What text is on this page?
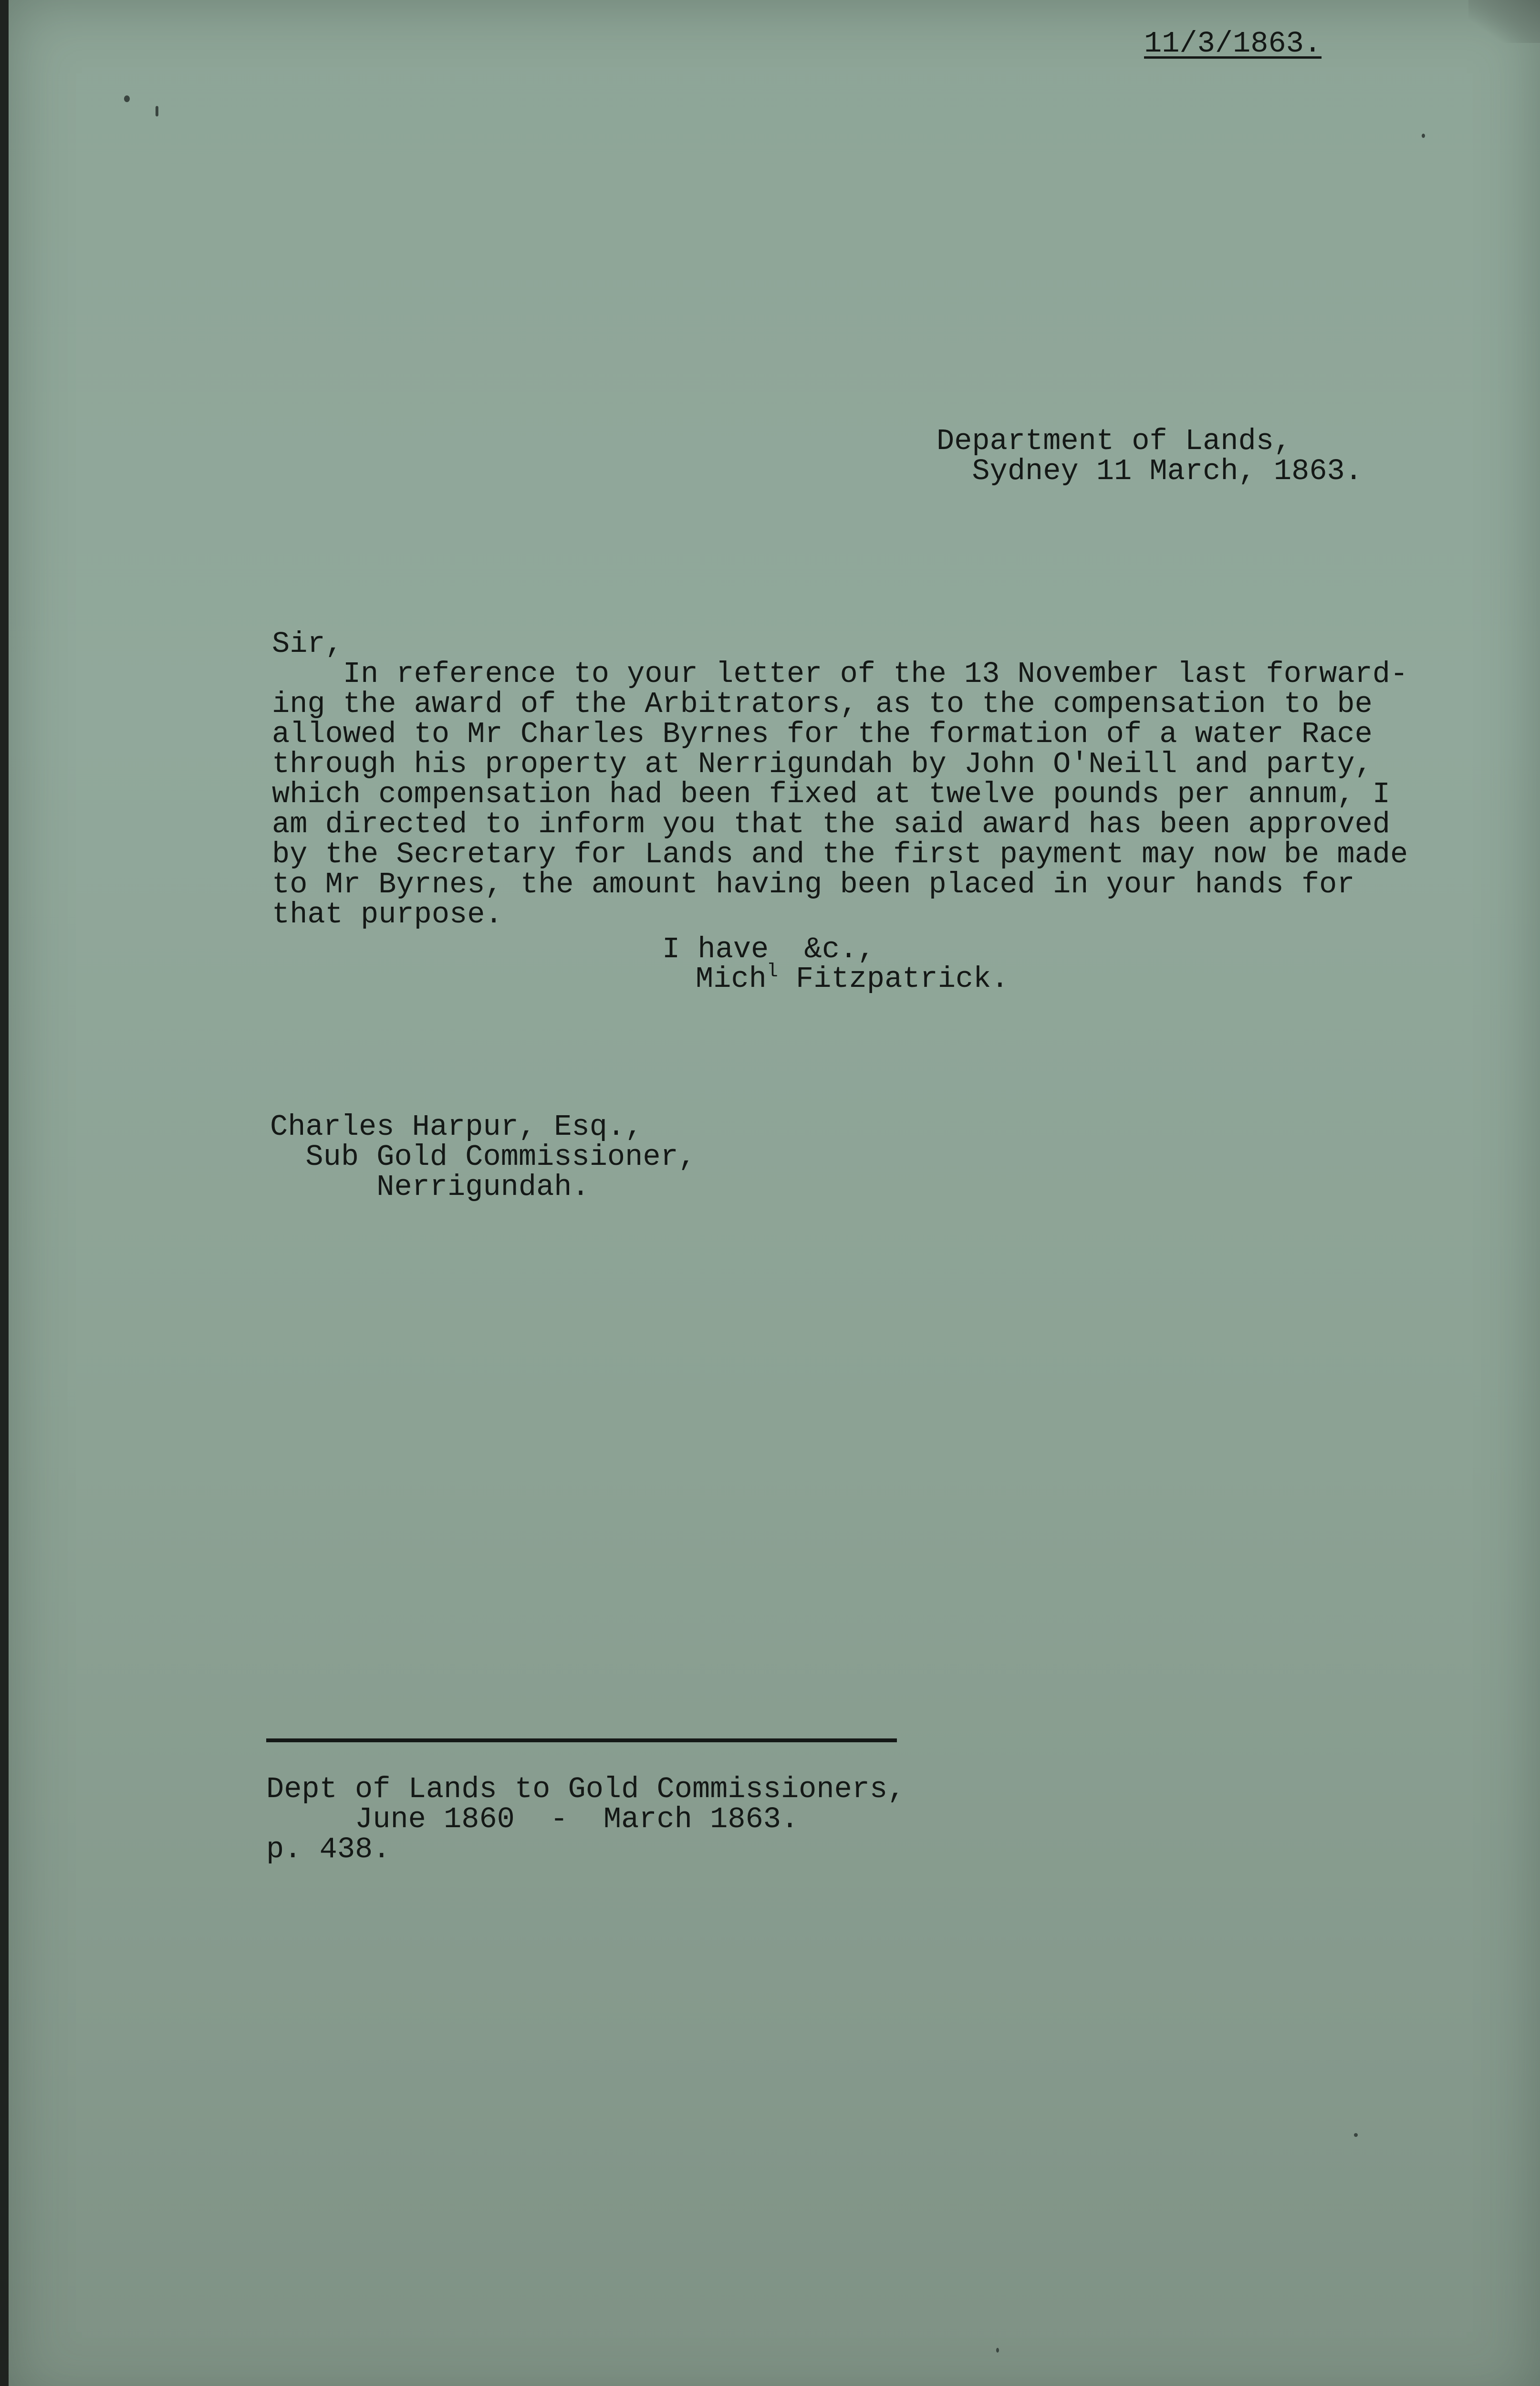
11/3/1863.
Department of Lands,
Sydney 11 March, 1863.
Sir,
In reference to your letter of the 13 November last forward-
ing the award of the Arbitrators, as to the compensation to be
allowed to Mr Charles Byrnes for the formation of a water Race
through his property at Nerrigundah by John O'Neill and party,
which compensation had been fixed at twelve pounds per annum, I
am directed to inform you that the said award has been approved
by the Secretary for Lands and the first payment may now be made
to Mr Byrnes, the amount having been placed in your hands for
that purpose.
I have  &c.,
Mich$^l$ Fitzpatrick.
Charles Harpur, Esq.,
Sub Gold Commissioner,
Nerrigundah.
Dept of Lands to Gold Commissioners,
June 1860  -  March 1863.
p. 438.
